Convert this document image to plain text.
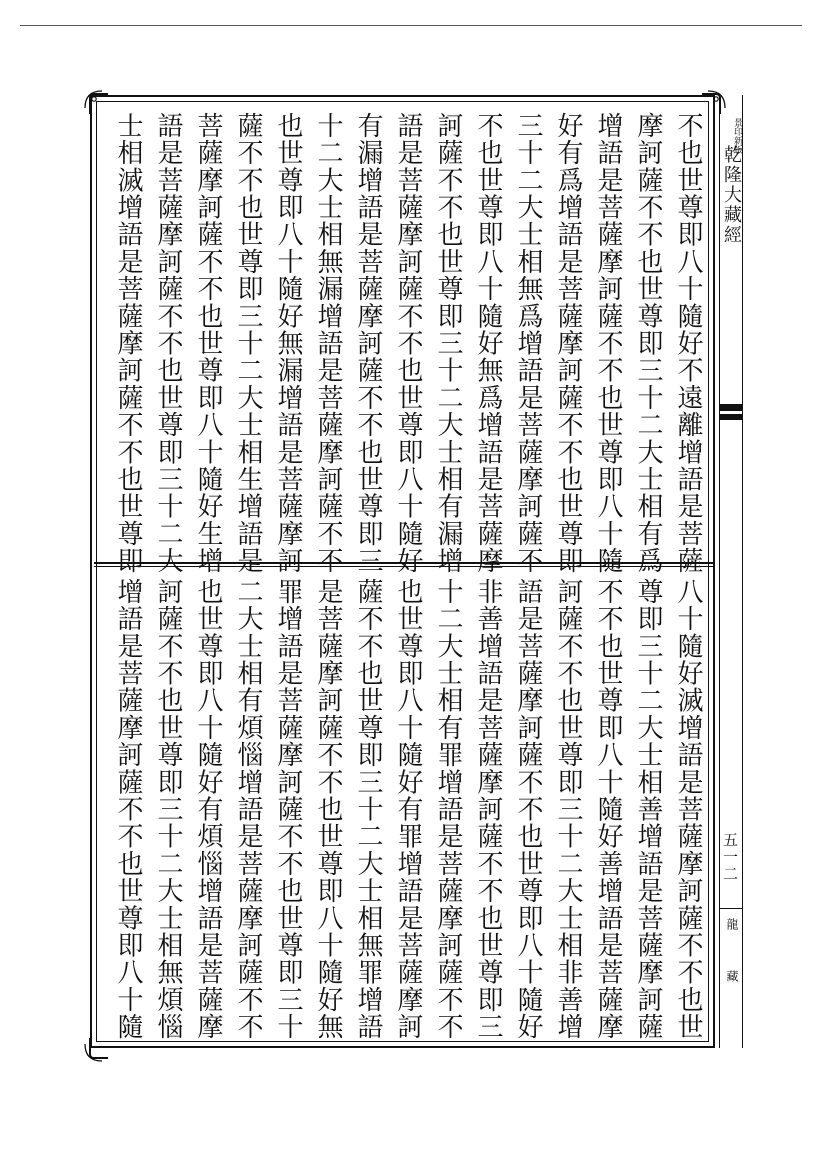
景印新版
乾隆大藏經
五一二
龍 藏
不也世尊即八十隨好不遠離增語是菩薩
摩訶薩不不也世尊即三十二大士相有爲
增語是菩薩摩訶薩不不也世尊即八十隨
好有爲增語是菩薩摩訶薩不不也世尊即
三十二大士相無爲增語是菩薩摩訶薩不
不也世尊即八十隨好無爲增語是菩薩摩
訶薩不不也世尊即三十二大士相有漏增
語是菩薩摩訶薩不不也世尊即八十隨好
有漏增語是菩薩摩訶薩不不也世尊即三
十二大士相無漏增語是菩薩摩訶薩不不
也世尊即八十隨好無漏增語是菩薩摩訶
薩不不也世尊即三十二大士相生增語是
菩薩摩訶薩不不也世尊即八十隨好生增
語是菩薩摩訶薩不不也世尊即三十二大
士相滅增語是菩薩摩訶薩不不也世尊即
八十隨好滅增語是菩薩摩訶薩不不也世
尊即三十二大士相善增語是菩薩摩訶薩
不不也世尊即八十隨好善增語是菩薩摩
訶薩不不也世尊即三十二大士相非善增
語是菩薩摩訶薩不不也世尊即八十隨好
非善增語是菩薩摩訶薩不不也世尊即三
十二大士相有罪增語是菩薩摩訶薩不不
也世尊即八十隨好有罪增語是菩薩摩訶
薩不不也世尊即三十二大士相無罪增語
是菩薩摩訶薩不不也世尊即八十隨好無
罪增語是菩薩摩訶薩不不也世尊即三十
二大士相有煩惱增語是菩薩摩訶薩不不
也世尊即八十隨好有煩惱增語是菩薩摩
訶薩不不也世尊即三十二大士相無煩惱
增語是菩薩摩訶薩不不也世尊即八十隨
